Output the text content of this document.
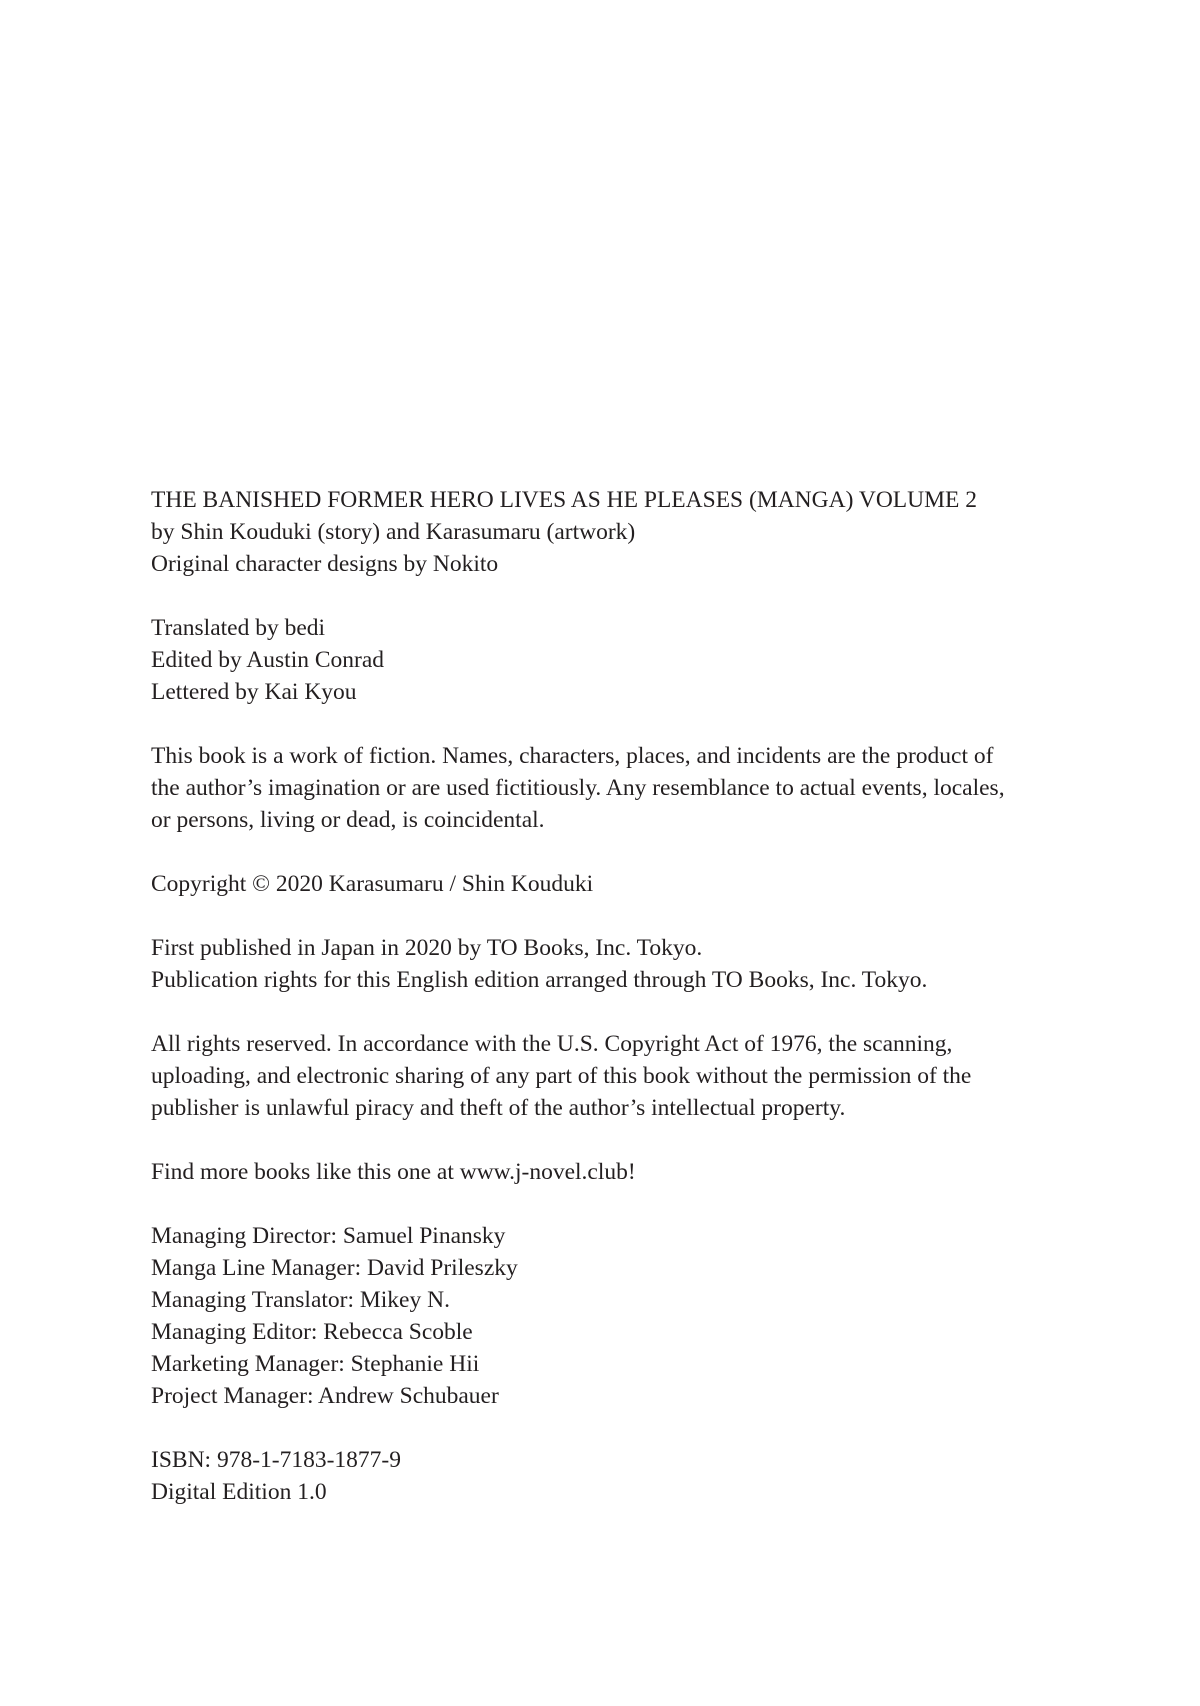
THE BANISHED FORMER HERO LIVES AS HE PLEASES (MANGA) VOLUME 2
by Shin Kouduki (story) and Karasumaru (artwork)
Original character designs by Nokito
Translated by bedi
Edited by Austin Conrad
Lettered by Kai Kyou
This book is a work of fiction. Names, characters, places, and incidents are the product of
the author’s imagination or are used fictitiously. Any resemblance to actual events, locales,
or persons, living or dead, is coincidental.
Copyright © 2020 Karasumaru / Shin Kouduki
First published in Japan in 2020 by TO Books, Inc. Tokyo.
Publication rights for this English edition arranged through TO Books, Inc. Tokyo.
All rights reserved. In accordance with the U.S. Copyright Act of 1976, the scanning,
uploading, and electronic sharing of any part of this book without the permission of the
publisher is unlawful piracy and theft of the author’s intellectual property.
Find more books like this one at www.j-novel.club!
Managing Director: Samuel Pinansky
Manga Line Manager: David Prileszky
Managing Translator: Mikey N.
Managing Editor: Rebecca Scoble
Marketing Manager: Stephanie Hii
Project Manager: Andrew Schubauer
ISBN: 978-1-7183-1877-9
Digital Edition 1.0
